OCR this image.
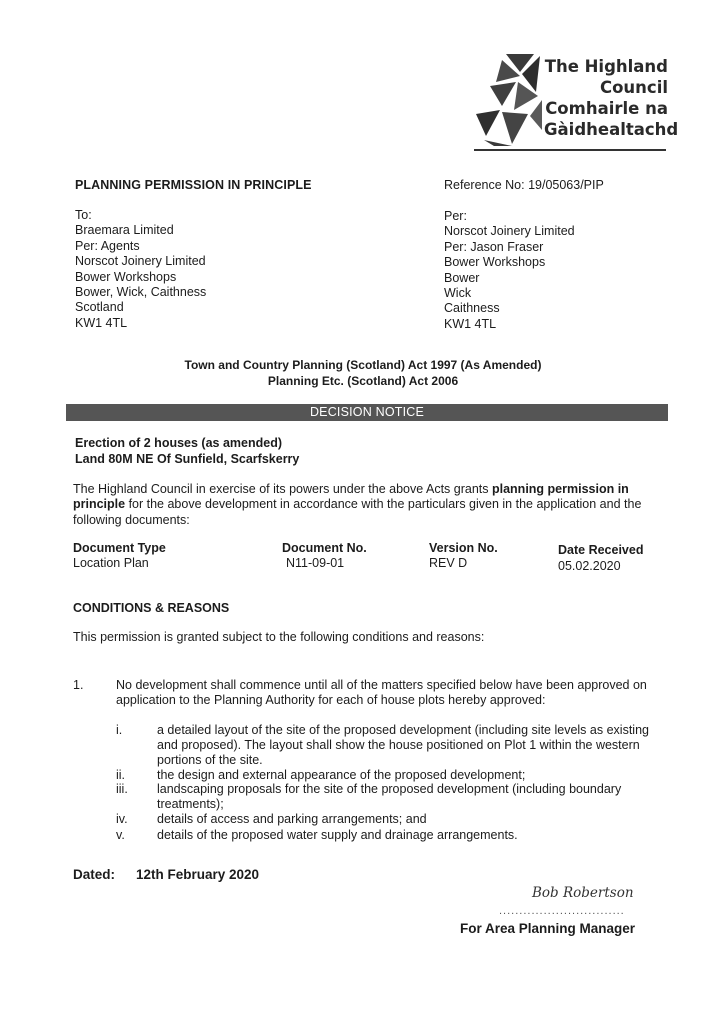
The Highland
Council
Comhairle na
Gàidhealtachd
PLANNING PERMISSION IN PRINCIPLE	Reference No: 19/05063/PIP
To:
Braemara Limited
Per: Agents
Norscot Joinery Limited
Bower Workshops
Bower, Wick, Caithness
Scotland
KW1 4TL
Per:
Norscot Joinery Limited
Per: Jason Fraser
Bower Workshops
Bower
Wick
Caithness
KW1 4TL
Town and Country Planning (Scotland) Act 1997 (As Amended)
Planning Etc. (Scotland) Act 2006
DECISION NOTICE
Erection of 2 houses (as amended)
Land 80M NE Of Sunfield, Scarfskerry
The Highland Council in exercise of its powers under the above Acts grants planning permission in principle for the above development in accordance with the particulars given in the application and the following documents:
Document Type	Document No.	Version No.	Date Received
Location Plan	N11-09-01	REV D	05.02.2020
CONDITIONS & REASONS
This permission is granted subject to the following conditions and reasons:
1.	No development shall commence until all of the matters specified below have been approved on application to the Planning Authority for each of house plots hereby approved:
i.	a detailed layout of the site of the proposed development (including site levels as existing and proposed). The layout shall show the house positioned on Plot 1 within the western portions of the site.
ii.	the design and external appearance of the proposed development;
iii.	landscaping proposals for the site of the proposed development (including boundary treatments);
iv.	details of access and parking arrangements; and
v.	details of the proposed water supply and drainage arrangements.
Dated: 12th February 2020
Bob Robertson
...............................
For Area Planning Manager
